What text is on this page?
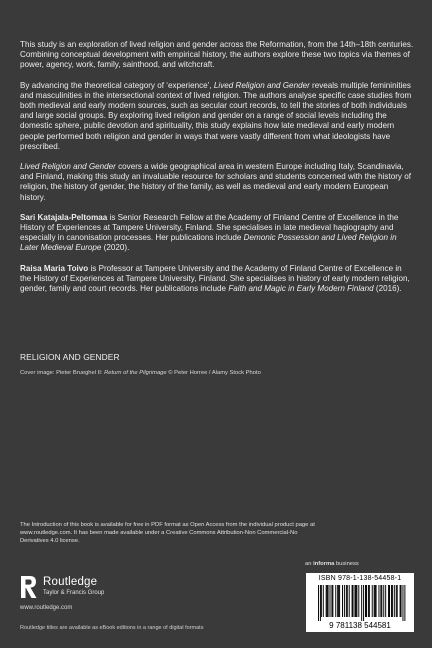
This study is an exploration of lived religion and gender across the Reformation, from the 14th–18th centuries. Combining conceptual development with empirical history, the authors explore these two topics via themes of power, agency, work, family, sainthood, and witchcraft.

By advancing the theoretical category of ‘experience’, Lived Religion and Gender reveals multiple femininities and masculinities in the intersectional context of lived religion. The authors analyse specific case studies from both medieval and early modern sources, such as secular court records, to tell the stories of both individuals and large social groups. By exploring lived religion and gender on a range of social levels including the domestic sphere, public devotion and spirituality, this study explains how late medieval and early modern people performed both religion and gender in ways that were vastly different from what ideologists have prescribed.

Lived Religion and Gender covers a wide geographical area in western Europe including Italy, Scandinavia, and Finland, making this study an invaluable resource for scholars and students concerned with the history of religion, the history of gender, the history of the family, as well as medieval and early modern European history.

Sari Katajala-Peltomaa is Senior Research Fellow at the Academy of Finland Centre of Excellence in the History of Experiences at Tampere University, Finland. She specialises in late medieval hagiography and especially in canonisation processes. Her publications include Demonic Possession and Lived Religion in Later Medieval Europe (2020).

Raisa Maria Toivo is Professor at Tampere University and the Academy of Finland Centre of Excellence in the History of Experiences at Tampere University, Finland. She specialises in history of early modern religion, gender, family and court records. Her publications include Faith and Magic in Early Modern Finland (2016).

RELIGION AND GENDER
Cover image: Pieter Brueghel II: Return of the Pilgrimage © Peter Horree / Alamy Stock Photo
The Introduction of this book is available for free in PDF format as Open Access from the individual product page at www.routledge.com. It has been made available under a Creative Commons Attribution-Non Commercial-No Derivatives 4.0 license.
Routledge
Taylor & Francis Group
www.routledge.com
Routledge titles are available as eBook editions in a range of digital formats
an informa business
ISBN 978-1-138-54458-1
9 781138 544581
